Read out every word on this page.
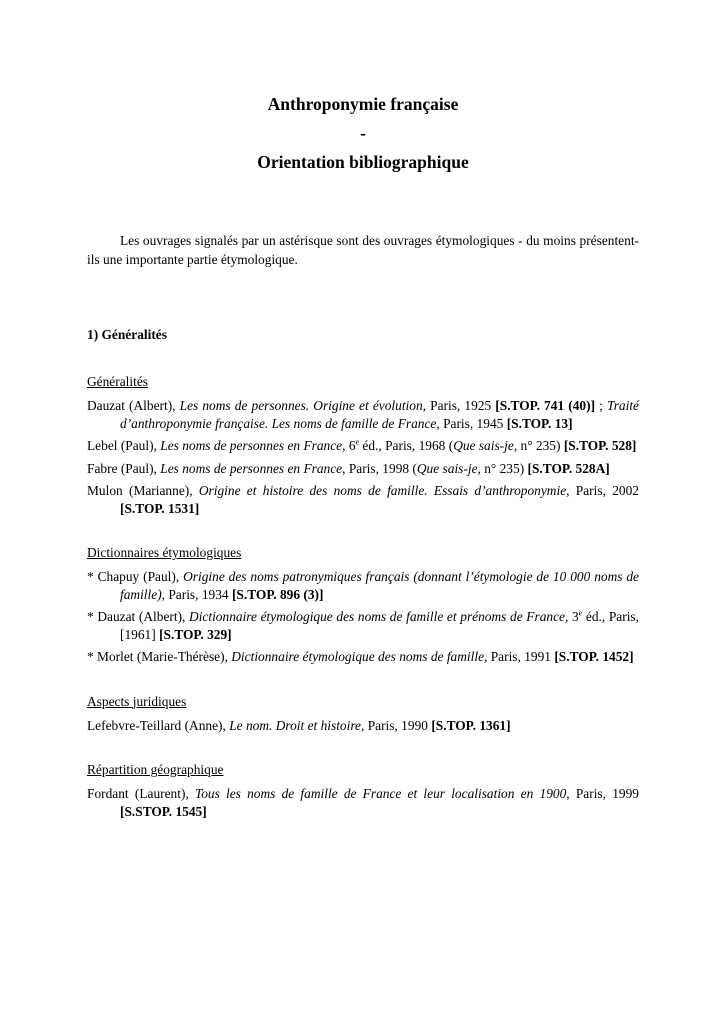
Anthroponymie française
-
Orientation bibliographique

Les ouvrages signalés par un astérisque sont des ouvrages étymologiques - du moins présentent-ils une importante partie étymologique.

1) Généralités
Généralités
Dauzat (Albert), Les noms de personnes. Origine et évolution, Paris, 1925 [S.TOP. 741 (40)] ; Traité d’anthroponymie française. Les noms de famille de France, Paris, 1945 [S.TOP. 13]
Lebel (Paul), Les noms de personnes en France, 6e éd., Paris, 1968 (Que sais-je, n° 235) [S.TOP. 528]
Fabre (Paul), Les noms de personnes en France, Paris, 1998 (Que sais-je, n° 235) [S.TOP. 528A]
Mulon (Marianne), Origine et histoire des noms de famille. Essais d’anthroponymie, Paris, 2002 [S.TOP. 1531]
Dictionnaires étymologiques
* Chapuy (Paul), Origine des noms patronymiques français (donnant l’étymologie de 10 000 noms de famille), Paris, 1934 [S.TOP. 896 (3)]
* Dauzat (Albert), Dictionnaire étymologique des noms de famille et prénoms de France, 3e éd., Paris, [1961] [S.TOP. 329]
* Morlet (Marie-Thérèse), Dictionnaire étymologique des noms de famille, Paris, 1991 [S.TOP. 1452]
Aspects juridiques
Lefebvre-Teillard (Anne), Le nom. Droit et histoire, Paris, 1990 [S.TOP. 1361]
Répartition géographique
Fordant (Laurent), Tous les noms de famille de France et leur localisation en 1900, Paris, 1999 [S.STOP. 1545]
